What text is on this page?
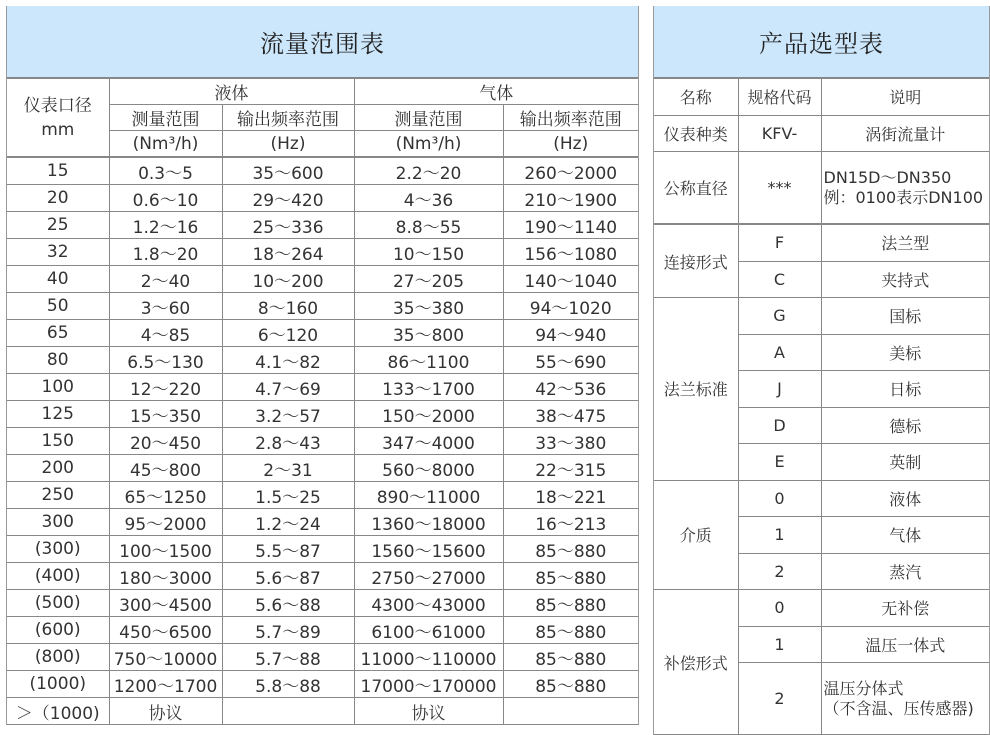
流量范围表
仪表口径
mm	液体		气体	
	测量范围	输出频率范围	测量范围	输出频率范围
	(Nm³/h)	(Hz)	(Nm³/h)	(Hz)
15	0.3～5	35～600	2.2～20	260～2000
20	0.6～10	29～420	4～36	210～1900
25	1.2～16	25～336	8.8～55	190～1140
32	1.8～20	18～264	10～150	156～1080
40	2～40	10～200	27～205	140～1040
50	3～60	8～160	35～380	94～1020
65	4～85	6～120	35～800	94～940
80	6.5～130	4.1～82	86～1100	55～690
100	12～220	4.7～69	133～1700	42～536
125	15～350	3.2～57	150～2000	38～475
150	20～450	2.8～43	347～4000	33～380
200	45～800	2～31	560～8000	22～315
250	65～1250	1.5～25	890～11000	18～221
300	95～2000	1.2～24	1360～18000	16～213
(300)	100～1500	5.5～87	1560～15600	85～880
(400)	180～3000	5.6～87	2750～27000	85～880
(500)	300～4500	5.6～88	4300～43000	85～880
(600)	450～6500	5.7～89	6100～61000	85～880
(800)	750～10000	5.7～88	11000～110000	85～880
(1000)	1200～1700	5.8～88	17000～170000	85～880
＞（1000)	协议		协议	
产品选型表
名称	规格代码	说明
仪表种类	KFV-	涡街流量计
公称直径	***	DN15D～DN350
例：0100表示DN100
连接形式	F	法兰型
	C	夹持式
法兰标准	G	国标
	A	美标
	J	日标
	D	德标
	E	英制
介质	0	液体
	1	气体
	2	蒸汽
补偿形式	0	无补偿
	1	温压一体式
	2	温压分体式
（不含温、压传感器)
